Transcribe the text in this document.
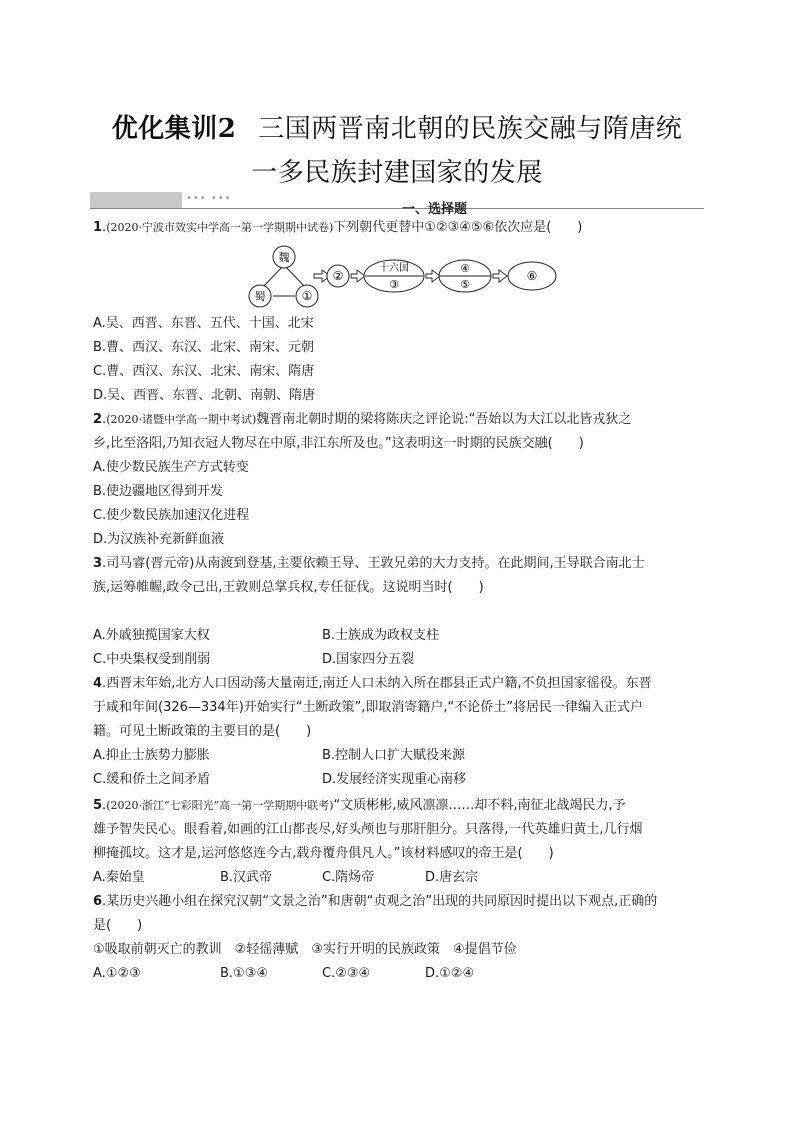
优化集训2 三国两晋南北朝的民族交融与隋唐统
一多民族封建国家的发展
••• •••
一、选择题
1.(2020·宁波市效实中学高一第一学期期中试卷)下列朝代更替中①②③④⑤⑥依次应是(　　)
魏
蜀	①
②
十六国
③
④
⑤
⑥
A.吴、西晋、东晋、五代、十国、北宋
B.曹、西汉、东汉、北宋、南宋、元朝
C.曹、西汉、东汉、北宋、南宋、隋唐
D.吴、西晋、东晋、北朝、南朝、隋唐
2.(2020·诸暨中学高一期中考试)魏晋南北朝时期的梁将陈庆之评论说:“吾始以为大江以北皆戎狄之
乡,比至洛阳,乃知衣冠人物尽在中原,非江东所及也。”这表明这一时期的民族交融(　　)
A.使少数民族生产方式转变
B.使边疆地区得到开发
C.使少数民族加速汉化进程
D.为汉族补充新鲜血液
3.司马睿(晋元帝)从南渡到登基,主要依赖王导、王敦兄弟的大力支持。在此期间,王导联合南北士
族,运筹帷幄,政令己出,王敦则总掌兵权,专任征伐。这说明当时(　　)
A.外戚独揽国家大权	B.士族成为政权支柱
C.中央集权受到削弱	D.国家四分五裂
4.西晋末年始,北方人口因动荡大量南迁,南迁人口未纳入所在郡县正式户籍,不负担国家徭役。东晋
于咸和年间(326—334年)开始实行“土断政策”,即取消寄籍户,“不论侨土”将居民一律编入正式户
籍。可见土断政策的主要目的是(　　)
A.抑止士族势力膨胀	B.控制人口扩大赋役来源
C.缓和侨土之间矛盾	D.发展经济实现重心南移
5.(2020·浙江“七彩阳光”高一第一学期期中联考)“文质彬彬,威风凛凛……却不料,南征北战竭民力,予
雄予智失民心。眼看着,如画的江山都丧尽,好头颅也与那肝胆分。只落得,一代英雄归黄土,几行烟
柳掩孤坟。这才是,运河悠悠连今古,载舟覆舟俱凡人。”该材料感叹的帝王是(　　)
A.秦始皇	B.汉武帝	C.隋炀帝	D.唐玄宗
6.某历史兴趣小组在探究汉朝“文景之治”和唐朝“贞观之治”出现的共同原因时提出以下观点,正确的
是(　　)
①吸取前朝灭亡的教训　②轻徭薄赋　③实行开明的民族政策　④提倡节俭
A.①②③	B.①③④	C.②③④	D.①②④
